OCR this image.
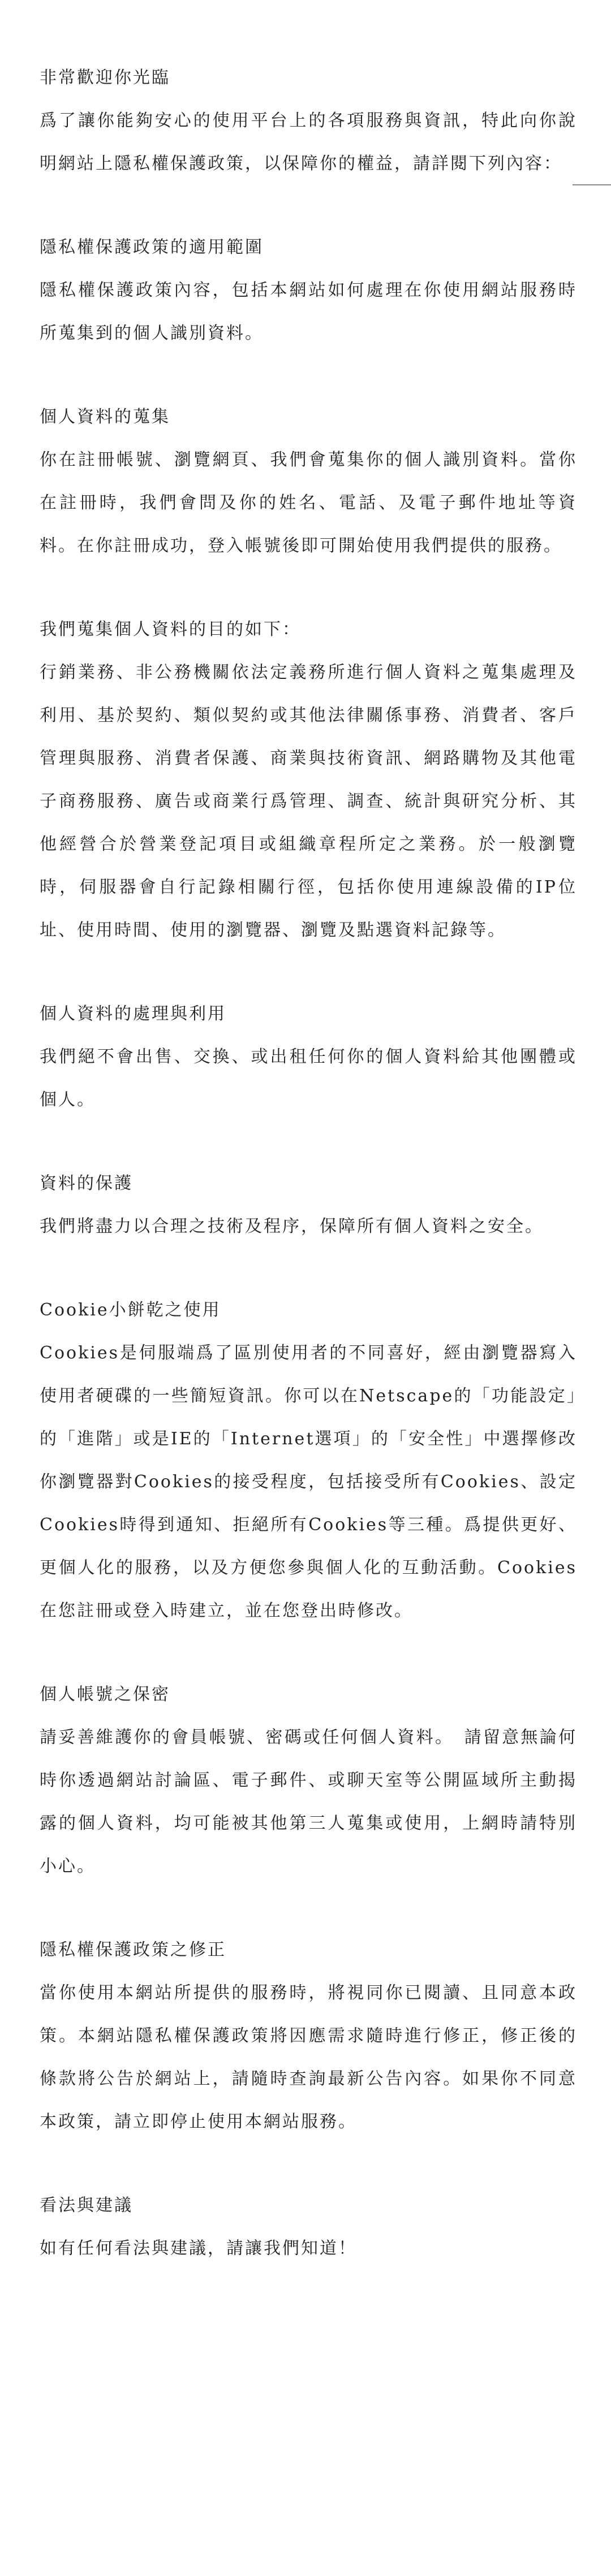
非常歡迎你光臨

爲了讓你能夠安心的使用平台上的各項服務與資訊，特此向你說明網站上隱私權保護政策，以保障你的權益，請詳閱下列內容：

隱私權保護政策的適用範圍

隱私權保護政策內容，包括本網站如何處理在你使用網站服務時所蒐集到的個人識別資料。

個人資料的蒐集

你在註冊帳號、瀏覽網頁、我們會蒐集你的個人識別資料。當你在註冊時，我們會問及你的姓名、電話、及電子郵件地址等資料。在你註冊成功，登入帳號後即可開始使用我們提供的服務。

我們蒐集個人資料的目的如下：

行銷業務、非公務機關依法定義務所進行個人資料之蒐集處理及利用、基於契約、類似契約或其他法律關係事務、消費者、客戶管理與服務、消費者保護、商業與技術資訊、網路購物及其他電子商務服務、廣告或商業行爲管理、調查、統計與研究分析、其他經營合於營業登記項目或組織章程所定之業務。於一般瀏覽時，伺服器會自行記錄相關行徑，包括你使用連線設備的IP位址、使用時間、使用的瀏覽器、瀏覽及點選資料記錄等。

個人資料的處理與利用

我們絕不會出售、交換、或出租任何你的個人資料給其他團體或個人。

資料的保護

我們將盡力以合理之技術及程序，保障所有個人資料之安全。

Cookie小餅乾之使用

Cookies是伺服端爲了區別使用者的不同喜好，經由瀏覽器寫入使用者硬碟的一些簡短資訊。你可以在Netscape的「功能設定」的「進階」或是IE的「Internet選項」的「安全性」中選擇修改你瀏覽器對Cookies的接受程度，包括接受所有Cookies、設定Cookies時得到通知、拒絕所有Cookies等三種。爲提供更好、更個人化的服務，以及方便您參與個人化的互動活動。Cookies在您註冊或登入時建立，並在您登出時修改。

個人帳號之保密

請妥善維護你的會員帳號、密碼或任何個人資料。　請留意無論何時你透過網站討論區、電子郵件、或聊天室等公開區域所主動揭露的個人資料，均可能被其他第三人蒐集或使用，上網時請特別小心。

隱私權保護政策之修正

當你使用本網站所提供的服務時，將視同你已閱讀、且同意本政策。本網站隱私權保護政策將因應需求隨時進行修正，修正後的條款將公告於網站上，請隨時查詢最新公告內容。如果你不同意本政策，請立即停止使用本網站服務。

看法與建議

如有任何看法與建議，請讓我們知道！
